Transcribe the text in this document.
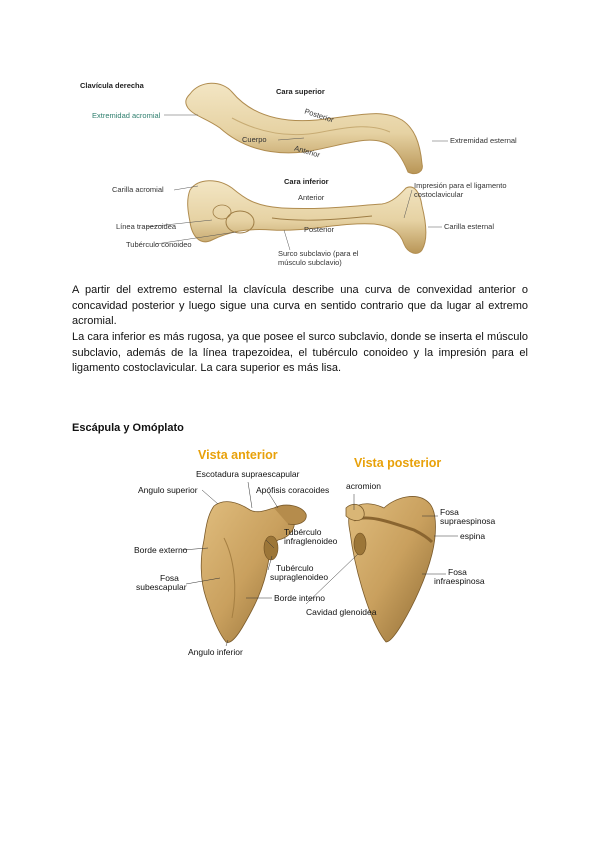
Clavícula derecha
Cara superior
Extremidad acromial	Posterior
Cuerpo
Anterior
Extremidad esternal
Cara inferior
Carilla acromial
Anterior
Línea trapezoidea
Tubérculo conoideo
Posterior
Surco subclavio (para el
músculo subclavio)
Impresión para el ligamento
costoclavicular
Carilla esternal

A partir del extremo esternal la clavícula describe una curva de convexidad anterior o concavidad posterior y luego sigue una curva en sentido contrario que da lugar al extremo acromial.

La cara inferior es más rugosa, ya que posee el surco subclavio, donde se inserta el músculo subclavio, además de la línea trapezoidea, el tubérculo conoideo y la impresión para el ligamento costoclavicular. La cara superior es más lisa.

Escápula y Omóplato

Vista anterior
Vista posterior
Escotadura supraescapular
Angulo superior	Apófisis coracoides
Borde externo
Tubérculo
infraglenoideo
Tubérculo
supraglenoideo
Fosa
subescapular
Borde interno
Cavidad glenoidea
Angulo inferior
acromion
Fosa
supraespinosa
espina
Fosa
infraespinosa
